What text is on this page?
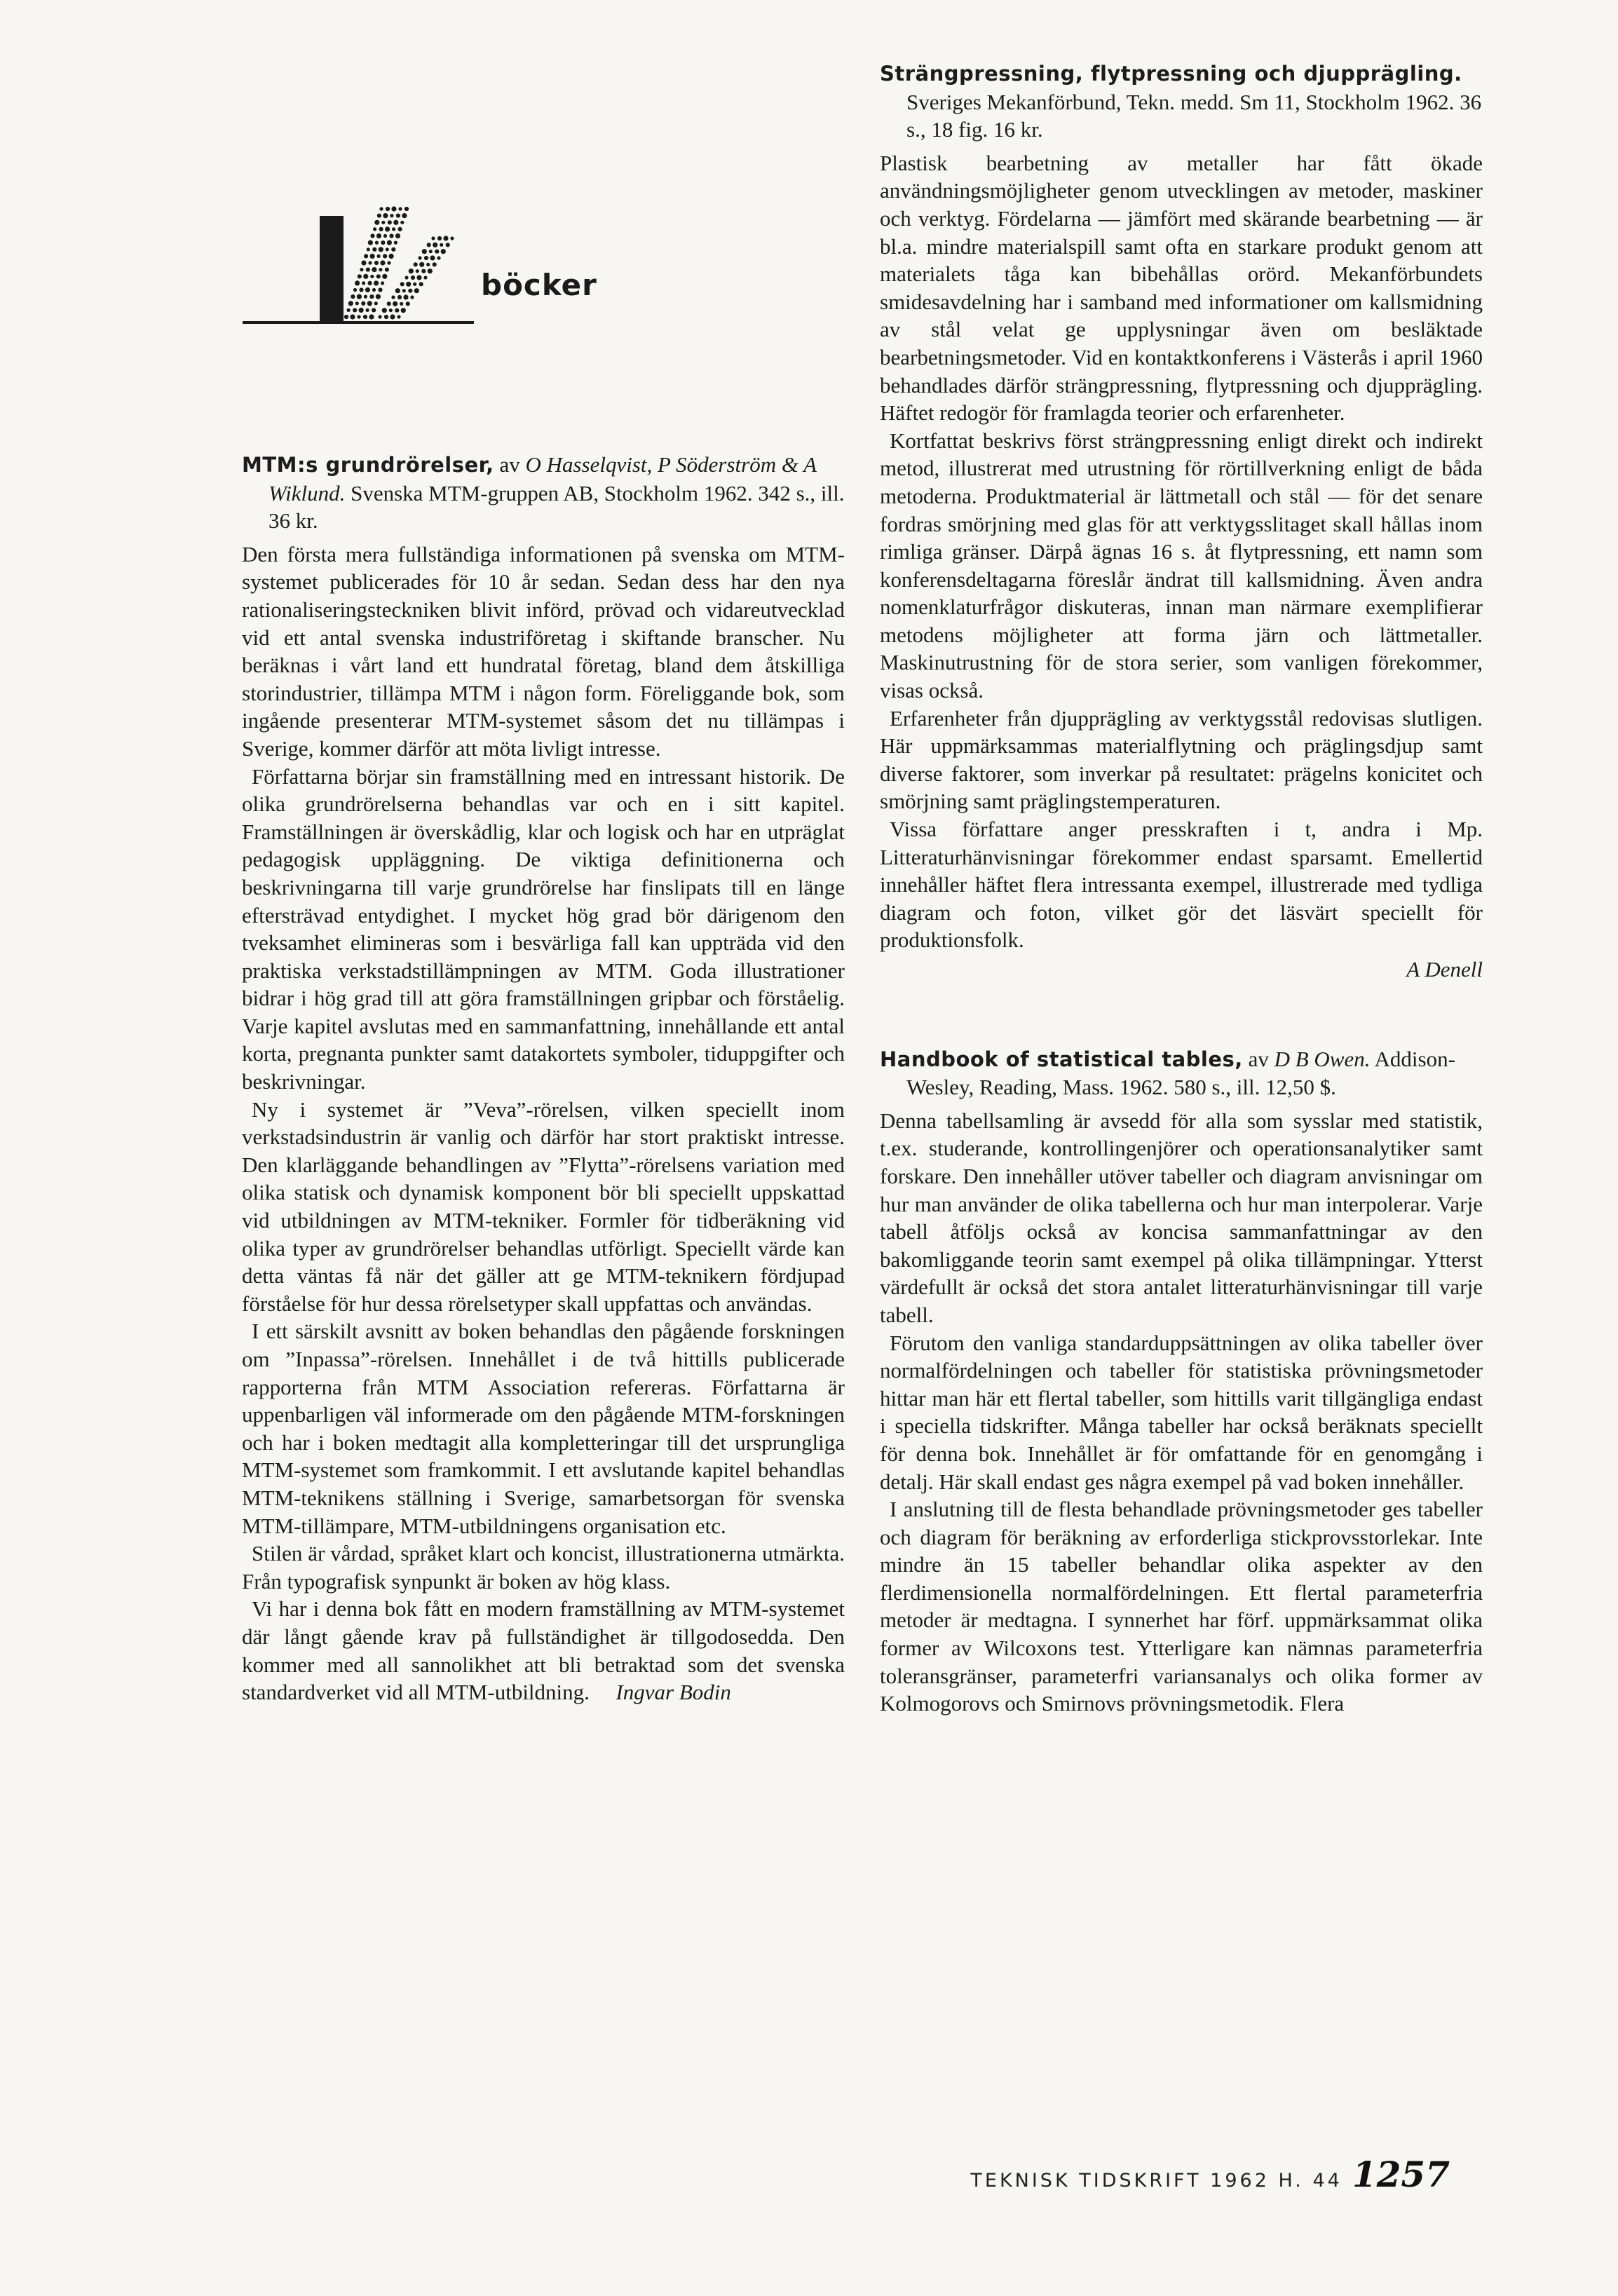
böcker

MTM:s grundrörelser, av O Hasselqvist, P Söderström & A Wiklund. Svenska MTM-gruppen AB, Stockholm 1962. 342 s., ill. 36 kr.

Den första mera fullständiga informationen på svenska om MTM-systemet publicerades för 10 år sedan. Sedan dess har den nya rationaliseringsteckniken blivit införd, prövad och vidareutvecklad vid ett antal svenska industriföretag i skiftande branscher. Nu beräknas i vårt land ett hundratal företag, bland dem åtskilliga storindustrier, tillämpa MTM i någon form. Föreliggande bok, som ingående presenterar MTM-systemet såsom det nu tillämpas i Sverige, kommer därför att möta livligt intresse.

Författarna börjar sin framställning med en intressant historik. De olika grundrörelserna behandlas var och en i sitt kapitel. Framställningen är överskådlig, klar och logisk och har en utpräglat pedagogisk uppläggning. De viktiga definitionerna och beskrivningarna till varje grundrörelse har finslipats till en länge eftersträvad entydighet. I mycket hög grad bör därigenom den tveksamhet elimineras som i besvärliga fall kan uppträda vid den praktiska verkstadstillämpningen av MTM. Goda illustrationer bidrar i hög grad till att göra framställningen gripbar och förståelig. Varje kapitel avslutas med en sammanfattning, innehållande ett antal korta, pregnanta punkter samt datakortets symboler, tiduppgifter och beskrivningar.

Ny i systemet är ”Veva”-rörelsen, vilken speciellt inom verkstadsindustrin är vanlig och därför har stort praktiskt intresse. Den klarläggande behandlingen av ”Flytta”-rörelsens variation med olika statisk och dynamisk komponent bör bli speciellt uppskattad vid utbildningen av MTM-tekniker. Formler för tidberäkning vid olika typer av grundrörelser behandlas utförligt. Speciellt värde kan detta väntas få när det gäller att ge MTM-teknikern fördjupad förståelse för hur dessa rörelsetyper skall uppfattas och användas.

I ett särskilt avsnitt av boken behandlas den pågående forskningen om ”Inpassa”-rörelsen. Innehållet i de två hittills publicerade rapporterna från MTM Association refereras. Författarna är uppenbarligen väl informerade om den pågående MTM-forskningen och har i boken medtagit alla kompletteringar till det ursprungliga MTM-systemet som framkommit. I ett avslutande kapitel behandlas MTM-teknikens ställning i Sverige, samarbetsorgan för svenska MTM-tillämpare, MTM-utbildningens organisation etc.

Stilen är vårdad, språket klart och koncist, illustrationerna utmärkta. Från typografisk synpunkt är boken av hög klass.

Vi har i denna bok fått en modern framställning av MTM-systemet där långt gående krav på fullständighet är tillgodosedda. Den kommer med all sannolikhet att bli betraktad som det svenska standardverket vid all MTM-utbildning. Ingvar Bodin

Strängpressning, flytpressning och djupprägling. Sveriges Mekanförbund, Tekn. medd. Sm 11, Stockholm 1962. 36 s., 18 fig. 16 kr.

Plastisk bearbetning av metaller har fått ökade användningsmöjligheter genom utvecklingen av metoder, maskiner och verktyg. Fördelarna — jämfört med skärande bearbetning — är bl.a. mindre materialspill samt ofta en starkare produkt genom att materialets tåga kan bibehållas orörd. Mekanförbundets smidesavdelning har i samband med informationer om kallsmidning av stål velat ge upplysningar även om besläktade bearbetningsmetoder. Vid en kontaktkonferens i Västerås i april 1960 behandlades därför strängpressning, flytpressning och djupprägling. Häftet redogör för framlagda teorier och erfarenheter.

Kortfattat beskrivs först strängpressning enligt direkt och indirekt metod, illustrerat med utrustning för rörtillverkning enligt de båda metoderna. Produktmaterial är lättmetall och stål — för det senare fordras smörjning med glas för att verktygsslitaget skall hållas inom rimliga gränser. Därpå ägnas 16 s. åt flytpressning, ett namn som konferensdeltagarna föreslår ändrat till kallsmidning. Även andra nomenklaturfrågor diskuteras, innan man närmare exemplifierar metodens möjligheter att forma järn och lättmetaller. Maskinutrustning för de stora serier, som vanligen förekommer, visas också.

Erfarenheter från djupprägling av verktygsstål redovisas slutligen. Här uppmärksammas materialflytning och präglingsdjup samt diverse faktorer, som inverkar på resultatet: prägelns konicitet och smörjning samt präglingstemperaturen.

Vissa författare anger presskraften i t, andra i Mp. Litteraturhänvisningar förekommer endast sparsamt. Emellertid innehåller häftet flera intressanta exempel, illustrerade med tydliga diagram och foton, vilket gör det läsvärt speciellt för produktionsfolk.

A Denell

Handbook of statistical tables, av D B Owen. Addison-Wesley, Reading, Mass. 1962. 580 s., ill. 12,50 $.

Denna tabellsamling är avsedd för alla som sysslar med statistik, t.ex. studerande, kontrollingenjörer och operationsanalytiker samt forskare. Den innehåller utöver tabeller och diagram anvisningar om hur man använder de olika tabellerna och hur man interpolerar. Varje tabell åtföljs också av koncisa sammanfattningar av den bakomliggande teorin samt exempel på olika tillämpningar. Ytterst värdefullt är också det stora antalet litteraturhänvisningar till varje tabell.

Förutom den vanliga standarduppsättningen av olika tabeller över normalfördelningen och tabeller för statistiska prövningsmetoder hittar man här ett flertal tabeller, som hittills varit tillgängliga endast i speciella tidskrifter. Många tabeller har också beräknats speciellt för denna bok. Innehållet är för omfattande för en genomgång i detalj. Här skall endast ges några exempel på vad boken innehåller.

I anslutning till de flesta behandlade prövningsmetoder ges tabeller och diagram för beräkning av erforderliga stickprovsstorlekar. Inte mindre än 15 tabeller behandlar olika aspekter av den flerdimensionella normalfördelningen. Ett flertal parameterfria metoder är medtagna. I synnerhet har förf. uppmärksammat olika former av Wilcoxons test. Ytterligare kan nämnas parameterfria toleransgränser, parameterfri variansanalys och olika former av Kolmogorovs och Smirnovs prövningsmetodik. Flera

TEKNISK TIDSKRIFT 1962 H. 44 1257
